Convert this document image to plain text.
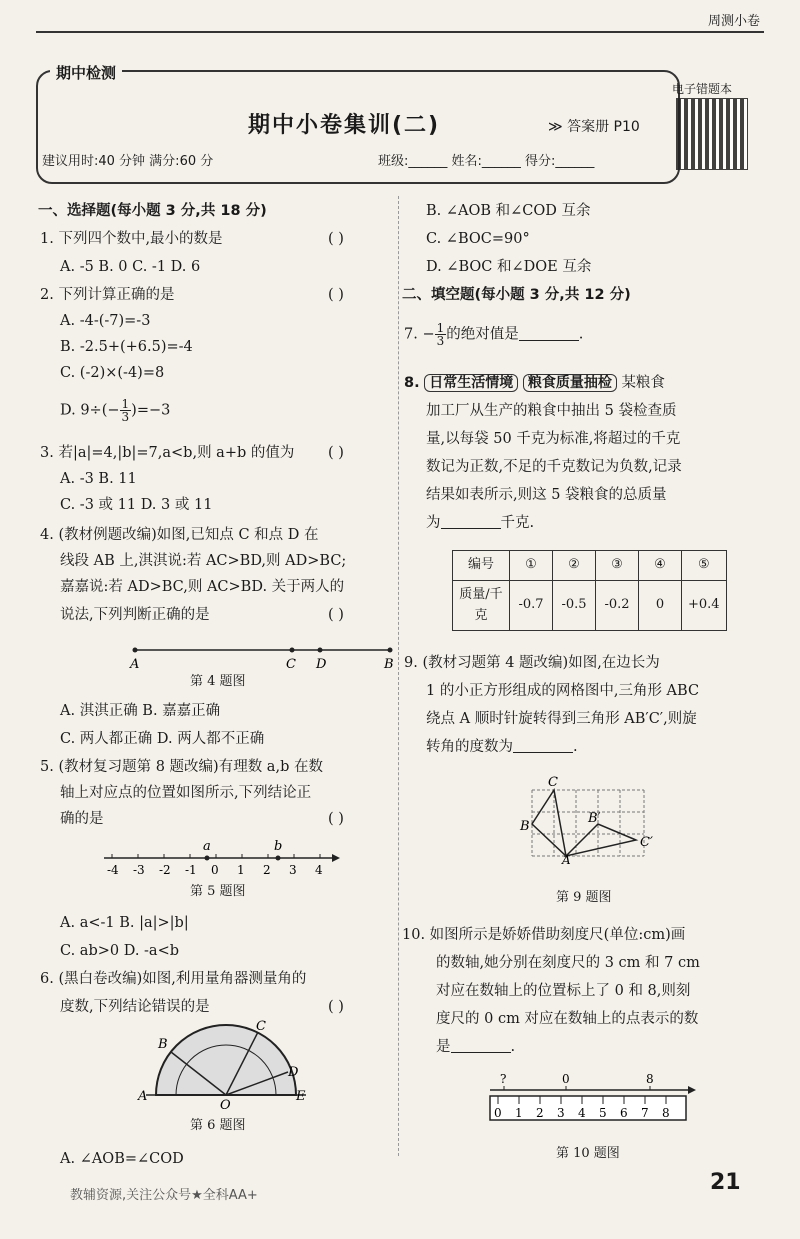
周测小卷
期中检测
期中小卷集训(二)	≫ 答案册 P10
建议用时:40 分钟 满分:60 分	班级:______ 姓名:______ 得分:______
电子错题本
一、选择题(每小题 3 分,共 18 分)
1. 下列四个数中,最小的数是	( )
A. -5 B. 0 C. -1 D. 6
2. 下列计算正确的是	( )
A. -4-(-7)=-3
B. -2.5+(+6.5)=-4
C. (-2)×(-4)=8
D. $9\div(- \frac{1}{3} )=-3$
3. 若|a|=4,|b|=7,a<b,则 a+b 的值为 ( )
A. -3 B. 11
C. -3 或 11 D. 3 或 11
4. (教材例题改编)如图,已知点 C 和点 D 在
线段 AB 上,淇淇说:若 AC>BD,则 AD>BC;
嘉嘉说:若 AD>BC,则 AC>BD. 关于两人的
说法,下列判断正确的是	( )
A	C D	B
第 4 题图
A. 淇淇正确 B. 嘉嘉正确
C. 两人都正确 D. 两人都不正确
5. (教材复习题第 8 题改编)有理数 a,b 在数
轴上对应点的位置如图所示,下列结论正
确的是	( )
-4 -3 -2 -1 0 1 2 3 4
a	b
第 5 题图
A. a<-1 B. |a|>|b|
C. ab>0 D. -a<b
6. (黑白卷改编)如图,利用量角器测量角的
度数,下列结论错误的是	( )
A
B
C
D
E
O
第 6 题图
A. ∠AOB=∠COD
B. ∠AOB 和∠COD 互余
C. ∠BOC=90°
D. ∠BOC 和∠DOE 互余
二、填空题(每小题 3 分,共 12 分)
7. − $\frac{1}{3}$ 的绝对值是	.
8. 日常生活情境 粮食质量抽检 某粮食
加工厂从生产的粮食中抽出 5 袋检查质
量,以每袋 50 千克为标准,将超过的千克
数记为正数,不足的千克数记为负数,记录
结果如表所示,则这 5 袋粮食的总质量
为	千克.
编号	①	②	③	④	⑤
质量/千克	-0.7	-0.5	-0.2	0	+0.4
9. (教材习题第 4 题改编)如图,在边长为
1 的小正方形组成的网格图中,三角形 ABC
绕点 A 顺时针旋转得到三角形 AB′C′,则旋
转角的度数为	.
C
B
B′
C′
A
第 9 题图
10. 如图所示是娇娇借助刻度尺(单位:cm)画
的数轴,她分别在刻度尺的 3 cm 和 7 cm
对应在数轴上的位置标上了 0 和 8,则刻
度尺的 0 cm 对应在数轴上的点表示的数
是	.
?	0	8
0 1 2 3 4 5 6 7 8
第 10 题图
教辅资源,关注公众号★全科AA+
21
